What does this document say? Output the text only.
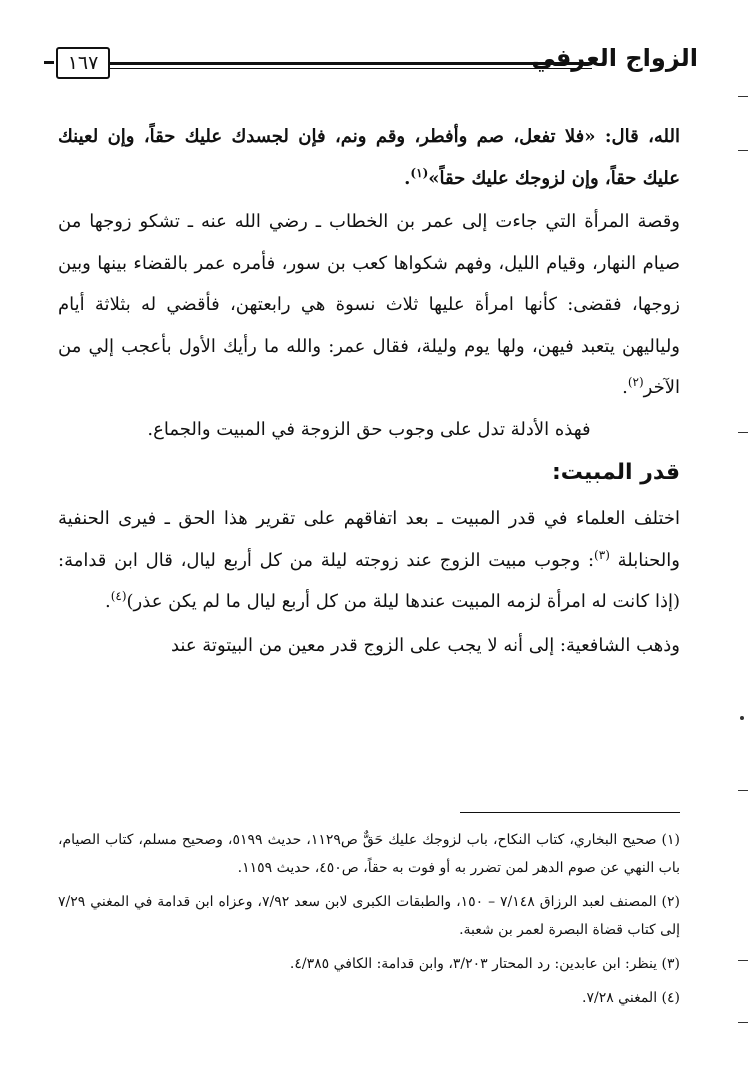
الزواج العرفي
١٦٧

الله، قال: «فلا تفعل، صم وأفطر، وقم ونم، فإن لجسدك عليك حقاً، وإن لعينك عليك حقاً، وإن لزوجك عليك حقاً»$^{(١)}$.

وقصة المرأة التي جاءت إلى عمر بن الخطاب ـ رضي الله عنه ـ تشكو زوجها من صيام النهار، وقيام الليل، وفهم شكواها كعب بن سور، فأمره عمر بالقضاء بينها وبين زوجها، فقضى: كأنها امرأة عليها ثلاث نسوة هي رابعتهن، فأقضي له بثلاثة أيام ولياليهن يتعبد فيهن، ولها يوم وليلة، فقال عمر: والله ما رأيك الأول بأعجب إلي من الآخر$^{(٢)}$.

فهذه الأدلة تدل على وجوب حق الزوجة في المبيت والجماع.

قدر المبيت:

اختلف العلماء في قدر المبيت ـ بعد اتفاقهم على تقرير هذا الحق ـ فيرى الحنفية والحنابلة $^{(٣)}$: وجوب مبيت الزوج عند زوجته ليلة من كل أربع ليال، قال ابن قدامة: (إذا كانت له امرأة لزمه المبيت عندها ليلة من كل أربع ليال ما لم يكن عذر)$^{(٤)}$.

وذهب الشافعية: إلى أنه لا يجب على الزوج قدر معين من البيتوتة عند

(١) صحيح البخاري، كتاب النكاح، باب لزوجك عليك حَقٌّ ص١١٢٩، حديث ٥١٩٩، وصحيح مسلم، كتاب الصيام، باب النهي عن صوم الدهر لمن تضرر به أو فوت به حقاً، ص٤٥٠، حديث ١١٥٩.

(٢) المصنف لعبد الرزاق ٧/١٤٨ – ١٥٠، والطبقات الكبرى لابن سعد ٧/٩٢، وعزاه ابن قدامة في المغني ٧/٢٩ إلى كتاب قضاة البصرة لعمر بن شعبة.

(٣) ينظر: ابن عابدين: رد المحتار ٣/٢٠٣، وابن قدامة: الكافي ٤/٣٨٥.

(٤) المغني ٧/٢٨.
